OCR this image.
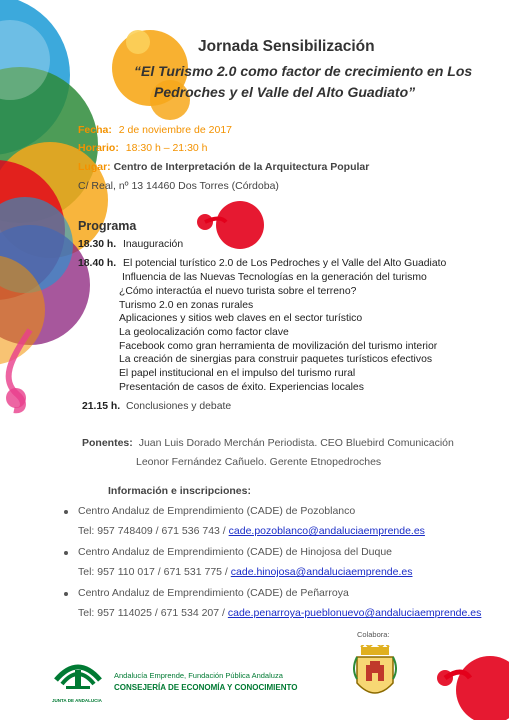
Jornada Sensibilización
“El Turismo 2.0 como factor de crecimiento en Los
Pedroches y el Valle del Alto Guadiato”
Fecha: 2 de noviembre de 2017
Horario: 18:30 h – 21:30 h
Lugar: Centro de Interpretación de la Arquitectura Popular
C/ Real, nº 13 14460 Dos Torres (Córdoba)
Programa
18.30 h. Inauguración
18.40 h. El potencial turístico 2.0 de Los Pedroches y el Valle del Alto Guadiato
Influencia de las Nuevas Tecnologías en la generación del turismo
¿Cómo interactúa el nuevo turista sobre el terreno?
Turismo 2.0 en zonas rurales
Aplicaciones y sitios web claves en el sector turístico
La geolocalización como factor clave
Facebook como gran herramienta de movilización del turismo interior
La creación de sinergias para construir paquetes turísticos efectivos
El papel institucional en el impulso del turismo rural
Presentación de casos de éxito. Experiencias locales
21.15 h. Conclusiones y debate
Ponentes: Juan Luis Dorado Merchán Periodista. CEO Bluebird Comunicación
Leonor Fernández Cañuelo. Gerente Etnopedroches
Información e inscripciones:
Centro Andaluz de Emprendimiento (CADE) de Pozoblanco
Tel: 957 748409 / 671 536 743 / cade.pozoblanco@andaluciaemprende.es
Centro Andaluz de Emprendimiento (CADE) de Hinojosa del Duque
Tel: 957 110 017 / 671 531 775 / cade.hinojosa@andaluciaemprende.es
Centro Andaluz de Emprendimiento (CADE) de Peñarroya
Tel: 957 114025 / 671 534 207 / cade.penarroya-pueblonuevo@andaluciaemprende.es
Colabora:
JUNTA DE ANDALUCIA
Andalucía Emprende, Fundación Pública Andaluza
CONSEJERÍA DE ECONOMÍA Y CONOCIMIENTO
